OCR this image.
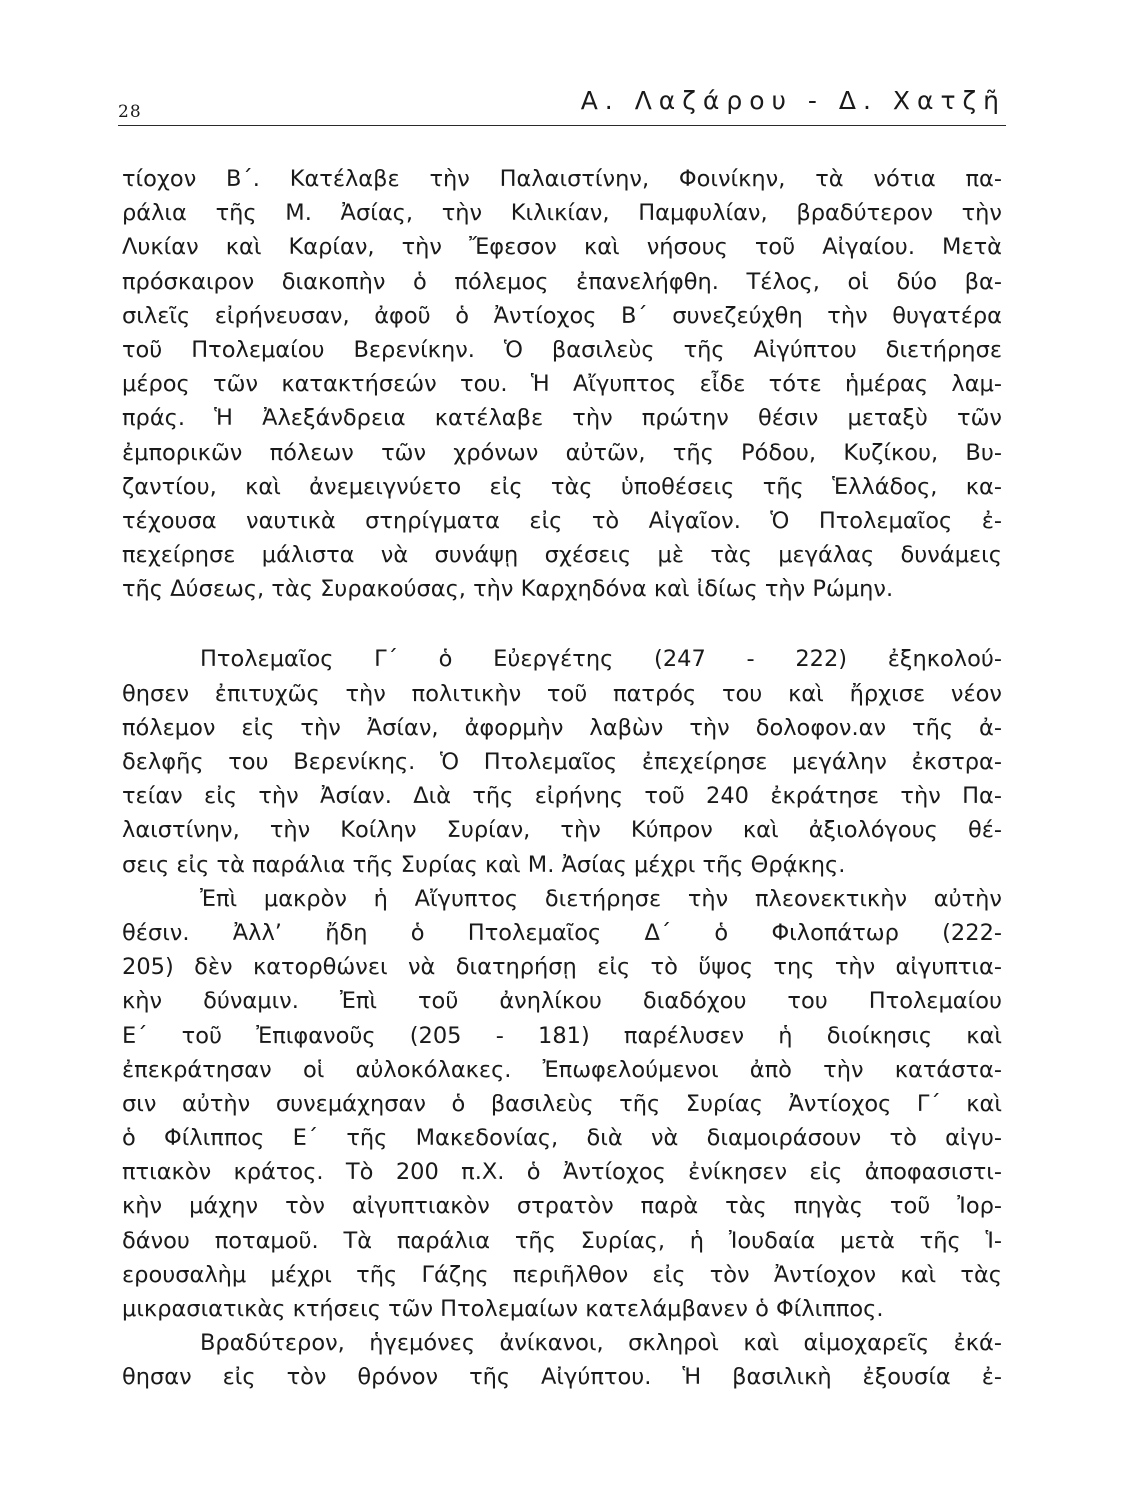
28	Α. Λαζάρου - Δ. Χατζῆ
τίοχον Β΄. Κατέλαβε τὴν Παλαιστίνην, Φοινίκην, τὰ νότια πα-
ράλια τῆς Μ. Ἀσίας, τὴν Κιλικίαν, Παμφυλίαν, βραδύτερον τὴν
Λυκίαν καὶ Καρίαν, τὴν Ἔφεσον καὶ νήσους τοῦ Αἰγαίου. Μετὰ
πρόσκαιρον διακοπὴν ὁ πόλεμος ἐπανελήφθη. Τέλος, οἱ δύο βα-
σιλεῖς εἰρήνευσαν, ἀφοῦ ὁ Ἀντίοχος Β΄ συνεζεύχθη τὴν θυγατέρα
τοῦ Πτολεμαίου Βερενίκην. Ὁ βασιλεὺς τῆς Αἰγύπτου διετήρησε
μέρος τῶν κατακτήσεών του. Ἡ Αἴγυπτος εἶδε τότε ἡμέρας λαμ-
πράς. Ἡ Ἀλεξάνδρεια κατέλαβε τὴν πρώτην θέσιν μεταξὺ τῶν
ἐμπορικῶν πόλεων τῶν χρόνων αὐτῶν, τῆς Ρόδου, Κυζίκου, Βυ-
ζαντίου, καὶ ἀνεμειγνύετο εἰς τὰς ὑποθέσεις τῆς Ἑλλάδος, κα-
τέχουσα ναυτικὰ στηρίγματα εἰς τὸ Αἰγαῖον. Ὁ Πτολεμαῖος ἐ-
πεχείρησε μάλιστα νὰ συνάψῃ σχέσεις μὲ τὰς μεγάλας δυνάμεις
τῆς Δύσεως, τὰς Συρακούσας, τὴν Καρχηδόνα καὶ ἰδίως τὴν Ρώμην.
Πτολεμαῖος Γ΄ ὁ Εὐεργέτης (247 - 222) ἐξηκολού-
θησεν ἐπιτυχῶς τὴν πολιτικὴν τοῦ πατρός του καὶ ἤρχισε νέον
πόλεμον εἰς τὴν Ἀσίαν, ἀφορμὴν λαβὼν τὴν δολοφον.αν τῆς ἀ-
δελφῆς του Βερενίκης. Ὁ Πτολεμαῖος ἐπεχείρησε μεγάλην ἐκστρα-
τείαν εἰς τὴν Ἀσίαν. Διὰ τῆς εἰρήνης τοῦ 240 ἐκράτησε τὴν Πα-
λαιστίνην, τὴν Κοίλην Συρίαν, τὴν Κύπρον καὶ ἀξιολόγους θέ-
σεις εἰς τὰ παράλια τῆς Συρίας καὶ Μ. Ἀσίας μέχρι τῆς Θρᾴκης.
Ἐπὶ μακρὸν ἡ Αἴγυπτος διετήρησε τὴν πλεονεκτικὴν αὐτὴν
θέσιν. Ἀλλ’ ἤδη ὁ Πτολεμαῖος Δ΄ ὁ Φιλοπάτωρ (222-
205) δὲν κατορθώνει νὰ διατηρήσῃ εἰς τὸ ὕψος της τὴν αἰγυπτια-
κὴν δύναμιν. Ἐπὶ τοῦ ἀνηλίκου διαδόχου του Πτολεμαίου
Ε΄ τοῦ Ἐπιφανοῦς (205 - 181) παρέλυσεν ἡ διοίκησις καὶ
ἐπεκράτησαν οἱ αὐλοκόλακες. Ἐπωφελούμενοι ἀπὸ τὴν κατάστα-
σιν αὐτὴν συνεμάχησαν ὁ βασιλεὺς τῆς Συρίας Ἀντίοχος Γ΄ καὶ
ὁ Φίλιππος Ε΄ τῆς Μακεδονίας, διὰ νὰ διαμοιράσουν τὸ αἰγυ-
πτιακὸν κράτος. Τὸ 200 π.Χ. ὁ Ἀντίοχος ἐνίκησεν εἰς ἀποφασιστι-
κὴν μάχην τὸν αἰγυπτιακὸν στρατὸν παρὰ τὰς πηγὰς τοῦ Ἰορ-
δάνου ποταμοῦ. Τὰ παράλια τῆς Συρίας, ἡ Ἰουδαία μετὰ τῆς Ἱ-
ερουσαλὴμ μέχρι τῆς Γάζης περιῆλθον εἰς τὸν Ἀντίοχον καὶ τὰς
μικρασιατικὰς κτήσεις τῶν Πτολεμαίων κατελάμβανεν ὁ Φίλιππος.
Βραδύτερον, ἡγεμόνες ἀνίκανοι, σκληροὶ καὶ αἱμοχαρεῖς ἐκά-
θησαν εἰς τὸν θρόνον τῆς Αἰγύπτου. Ἡ βασιλικὴ ἐξουσία ἐ-
